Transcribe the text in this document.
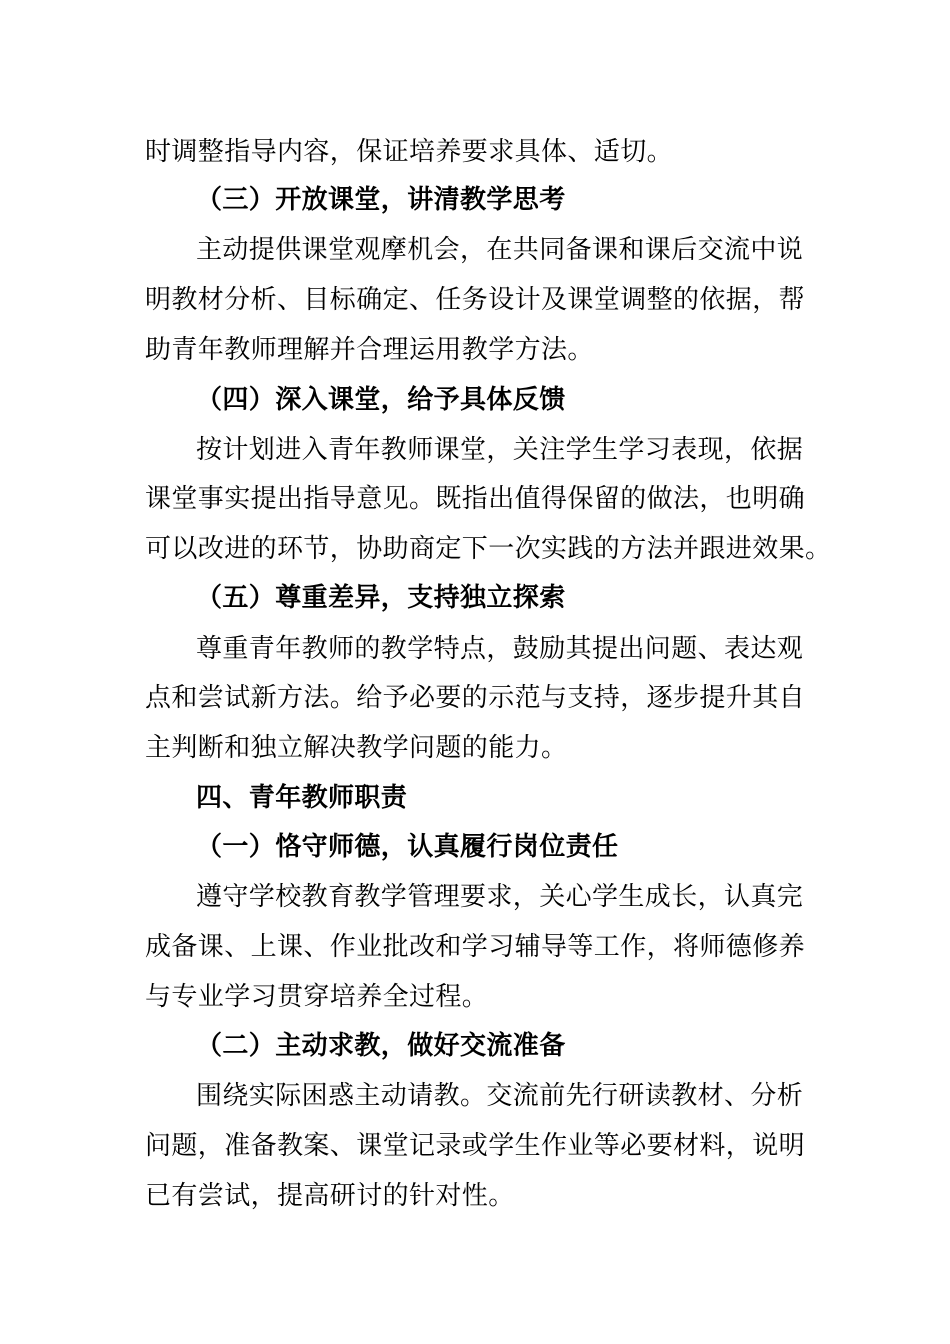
时调整指导内容，保证培养要求具体、适切。
（三）开放课堂，讲清教学思考
主动提供课堂观摩机会，在共同备课和课后交流中说
明教材分析、目标确定、任务设计及课堂调整的依据，帮
助青年教师理解并合理运用教学方法。
（四）深入课堂，给予具体反馈
按计划进入青年教师课堂，关注学生学习表现，依据
课堂事实提出指导意见。既指出值得保留的做法，也明确
可以改进的环节，协助商定下一次实践的方法并跟进效果。
（五）尊重差异，支持独立探索
尊重青年教师的教学特点，鼓励其提出问题、表达观
点和尝试新方法。给予必要的示范与支持，逐步提升其自
主判断和独立解决教学问题的能力。
四、青年教师职责
（一）恪守师德，认真履行岗位责任
遵守学校教育教学管理要求，关心学生成长，认真完
成备课、上课、作业批改和学习辅导等工作，将师德修养
与专业学习贯穿培养全过程。
（二）主动求教，做好交流准备
围绕实际困惑主动请教。交流前先行研读教材、分析
问题，准备教案、课堂记录或学生作业等必要材料，说明
已有尝试，提高研讨的针对性。
